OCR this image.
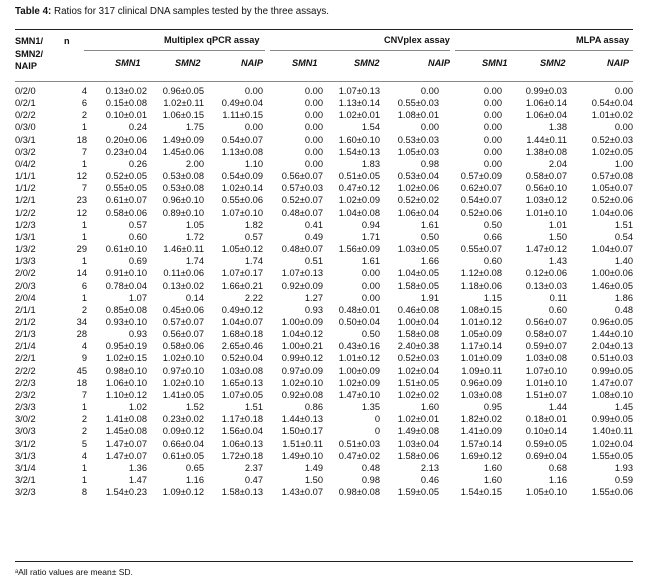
Table 4: Ratios for 317 clinical DNA samples tested by the three assays.
SMN1/
SMN2/
NAIP
n	Multiplex qPCR assay	CNVplex assay	MLPA assay
SMN1	SMN2	NAIP	SMN1	SMN2	NAIP	SMN1	SMN2	NAIP
0/2/0	4	0.13±0.02	0.96±0.05	0.00	0.00	1.07±0.13	0.00	0.00	0.99±0.03	0.00
0/2/1	6	0.15±0.08	1.02±0.11	0.49±0.04	0.00	1.13±0.14	0.55±0.03	0.00	1.06±0.14	0.54±0.04
0/2/2	2	0.10±0.01	1.06±0.15	1.11±0.15	0.00	1.02±0.01	1.08±0.01	0.00	1.06±0.04	1.01±0.02
0/3/0	1	0.24	1.75	0.00	0.00	1.54	0.00	0.00	1.38	0.00
0/3/1	18	0.20±0.06	1.49±0.09	0.54±0.07	0.00	1.60±0.10	0.53±0.03	0.00	1.44±0.11	0.52±0.03
0/3/2	7	0.23±0.04	1.45±0.06	1.13±0.08	0.00	1.54±0.13	1.05±0.03	0.00	1.38±0.08	1.02±0.05
0/4/2	1	0.26	2.00	1.10	0.00	1.83	0.98	0.00	2.04	1.00
1/1/1	12	0.52±0.05	0.53±0.08	0.54±0.09	0.56±0.07	0.51±0.05	0.53±0.04	0.57±0.09	0.58±0.07	0.57±0.08
1/1/2	7	0.55±0.05	0.53±0.08	1.02±0.14	0.57±0.03	0.47±0.12	1.02±0.06	0.62±0.07	0.56±0.10	1.05±0.07
1/2/1	23	0.61±0.07	0.96±0.10	0.55±0.06	0.52±0.07	1.02±0.09	0.52±0.02	0.54±0.07	1.03±0.12	0.52±0.06
1/2/2	12	0.58±0.06	0.89±0.10	1.07±0.10	0.48±0.07	1.04±0.08	1.06±0.04	0.52±0.06	1.01±0.10	1.04±0.06
1/2/3	1	0.57	1.05	1.82	0.41	0.94	1.61	0.50	1.01	1.51
1/3/1	1	0.60	1.72	0.57	0.49	1.71	0.50	0.66	1.50	0.54
1/3/2	29	0.61±0.10	1.46±0.11	1.05±0.12	0.48±0.07	1.56±0.09	1.03±0.05	0.55±0.07	1.47±0.12	1.04±0.07
1/3/3	1	0.69	1.74	1.74	0.51	1.61	1.66	0.60	1.43	1.40
2/0/2	14	0.91±0.10	0.11±0.06	1.07±0.17	1.07±0.13	0.00	1.04±0.05	1.12±0.08	0.12±0.06	1.00±0.06
2/0/3	6	0.78±0.04	0.13±0.02	1.66±0.21	0.92±0.09	0.00	1.58±0.05	1.18±0.06	0.13±0.03	1.46±0.05
2/0/4	1	1.07	0.14	2.22	1.27	0.00	1.91	1.15	0.11	1.86
2/1/1	2	0.85±0.08	0.45±0.06	0.49±0.12	0.93	0.48±0.01	0.46±0.08	1.08±0.15	0.60	0.48
2/1/2	34	0.93±0.10	0.57±0.07	1.04±0.07	1.00±0.09	0.50±0.04	1.00±0.04	1.01±0.12	0.56±0.07	0.96±0.05
2/1/3	28	0.93	0.56±0.07	1.68±0.18	1.04±0.12	0.50	1.58±0.08	1.05±0.09	0.58±0.07	1.44±0.10
2/1/4	4	0.95±0.19	0.58±0.06	2.65±0.46	1.00±0.21	0.43±0.16	2.40±0.38	1.17±0.14	0.59±0.07	2.04±0.13
2/2/1	9	1.02±0.15	1.02±0.10	0.52±0.04	0.99±0.12	1.01±0.12	0.52±0.03	1.01±0.09	1.03±0.08	0.51±0.03
2/2/2	45	0.98±0.10	0.97±0.10	1.03±0.08	0.97±0.09	1.00±0.09	1.02±0.04	1.09±0.11	1.07±0.10	0.99±0.05
2/2/3	18	1.06±0.10	1.02±0.10	1.65±0.13	1.02±0.10	1.02±0.09	1.51±0.05	0.96±0.09	1.01±0.10	1.47±0.07
2/3/2	7	1.10±0.12	1.41±0.05	1.07±0.05	0.92±0.08	1.47±0.10	1.02±0.02	1.03±0.08	1.51±0.07	1.08±0.10
2/3/3	1	1.02	1.52	1.51	0.86	1.35	1.60	0.95	1.44	1.45
3/0/2	2	1.41±0.08	0.23±0.02	1.17±0.18	1.44±0.13	0	1.02±0.01	1.82±0.02	0.18±0.01	0.99±0.05
3/0/3	2	1.45±0.08	0.09±0.12	1.56±0.04	1.50±0.17	0	1.49±0.08	1.41±0.09	0.10±0.14	1.40±0.11
3/1/2	5	1.47±0.07	0.66±0.04	1.06±0.13	1.51±0.11	0.51±0.03	1.03±0.04	1.57±0.14	0.59±0.05	1.02±0.04
3/1/3	4	1.47±0.07	0.61±0.05	1.72±0.18	1.49±0.10	0.47±0.02	1.58±0.06	1.69±0.12	0.69±0.04	1.55±0.05
3/1/4	1	1.36	0.65	2.37	1.49	0.48	2.13	1.60	0.68	1.93
3/2/1	1	1.47	1.16	0.47	1.50	0.98	0.46	1.60	1.16	0.59
3/2/3	8	1.54±0.23	1.09±0.12	1.58±0.13	1.43±0.07	0.98±0.08	1.59±0.05	1.54±0.15	1.05±0.10	1.55±0.06
ᵃAll ratio values are mean± SD.
